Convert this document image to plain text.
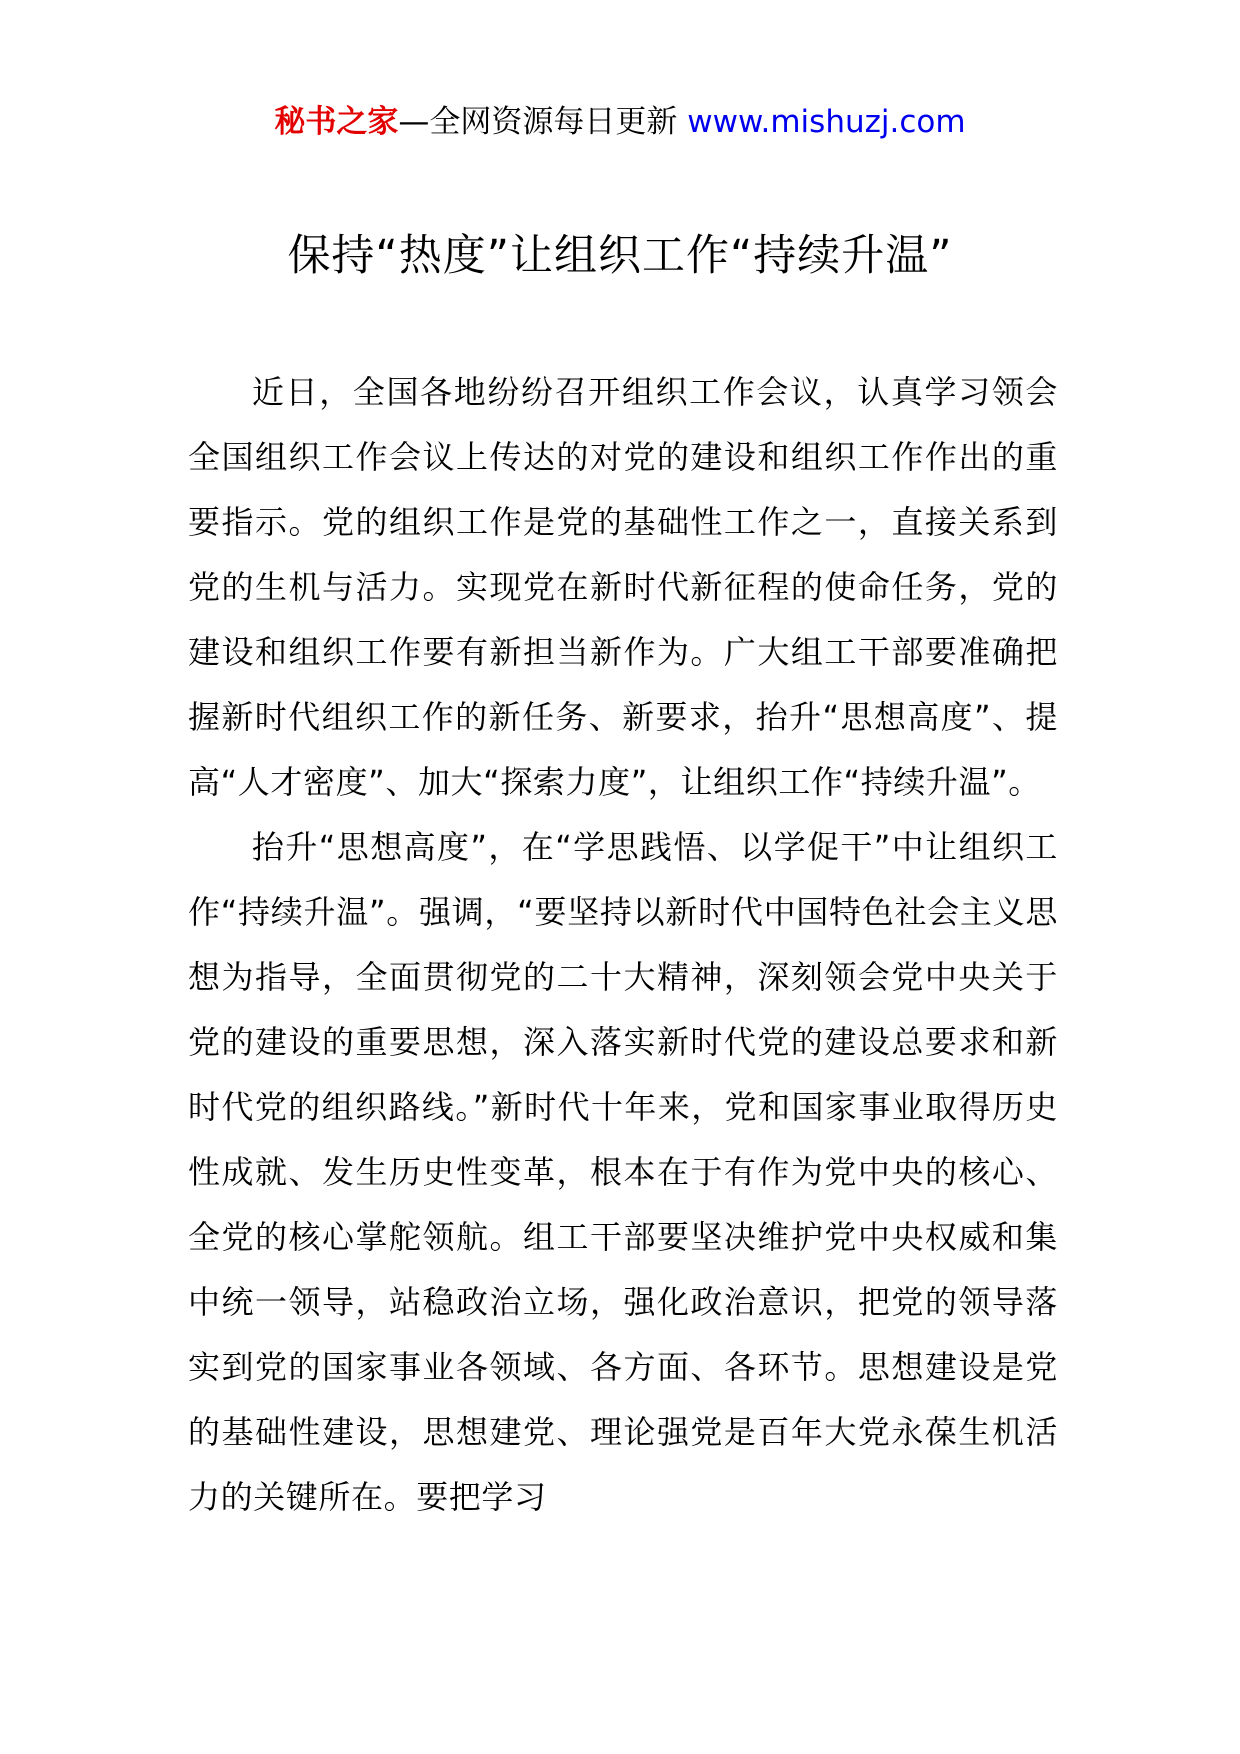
秘书之家—全网资源每日更新 www.mishuzj.com
保持“热度”让组织工作“持续升温”

近日，全国各地纷纷召开组织工作会议，认真学习领会全国组织工作会议上传达的对党的建设和组织工作作出的重要指示。党的组织工作是党的基础性工作之一，直接关系到党的生机与活力。实现党在新时代新征程的使命任务，党的建设和组织工作要有新担当新作为。广大组工干部要准确把握新时代组织工作的新任务、新要求，抬升“思想高度”、提高“人才密度”、加大“探索力度”，让组织工作“持续升温”。

抬升“思想高度”，在“学思践悟、以学促干”中让组织工作“持续升温”。强调，“要坚持以新时代中国特色社会主义思想为指导，全面贯彻党的二十大精神，深刻领会党中央关于党的建设的重要思想，深入落实新时代党的建设总要求和新时代党的组织路线。”新时代十年来，党和国家事业取得历史性成就、发生历史性变革，根本在于有作为党中央的核心、全党的核心掌舵领航。组工干部要坚决维护党中央权威和集中统一领导，站稳政治立场，强化政治意识，把党的领导落实到党的国家事业各领域、各方面、各环节。思想建设是党的基础性建设，思想建党、理论强党是百年大党永葆生机活力的关键所在。要把学习
